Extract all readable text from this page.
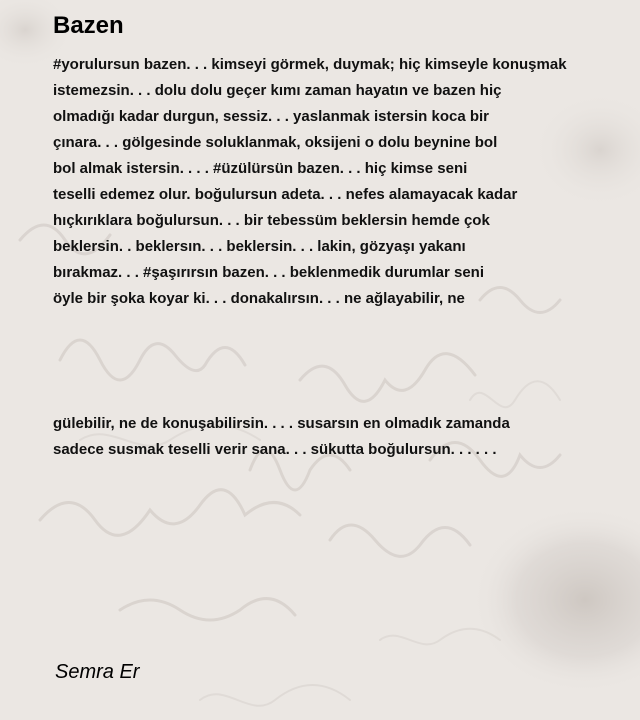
Bazen
#yorulursun bazen. . . kimseyi görmek, duymak; hiç kimseyle konuşmak
istemezsin. . . dolu dolu geçer kımı zaman hayatın ve bazen hiç
olmadığı kadar durgun, sessiz. . . yaslanmak istersin koca bir
çınara. . . gölgesinde soluklanmak, oksijeni o dolu beynine bol
bol almak istersin. . . . #üzülürsün bazen. . . hiç kimse seni
teselli edemez olur. boğulursun adeta. . . nefes alamayacak kadar
hıçkırıklara boğulursun. . . bir tebessüm beklersin hemde çok
beklersin. . beklersın. . . beklersin. . . lakin, gözyaşı yakanı
bırakmaz. . . #şaşırırsın bazen. . . beklenmedik durumlar seni
öyle bir şoka koyar ki. . . donakalırsın. . . ne ağlayabilir, ne
gülebilir, ne de konuşabilirsin. . . . susarsın en olmadık zamanda
sadece susmak teselli verir sana. . . sükutta boğulursun. . . . . .

Semra Er
